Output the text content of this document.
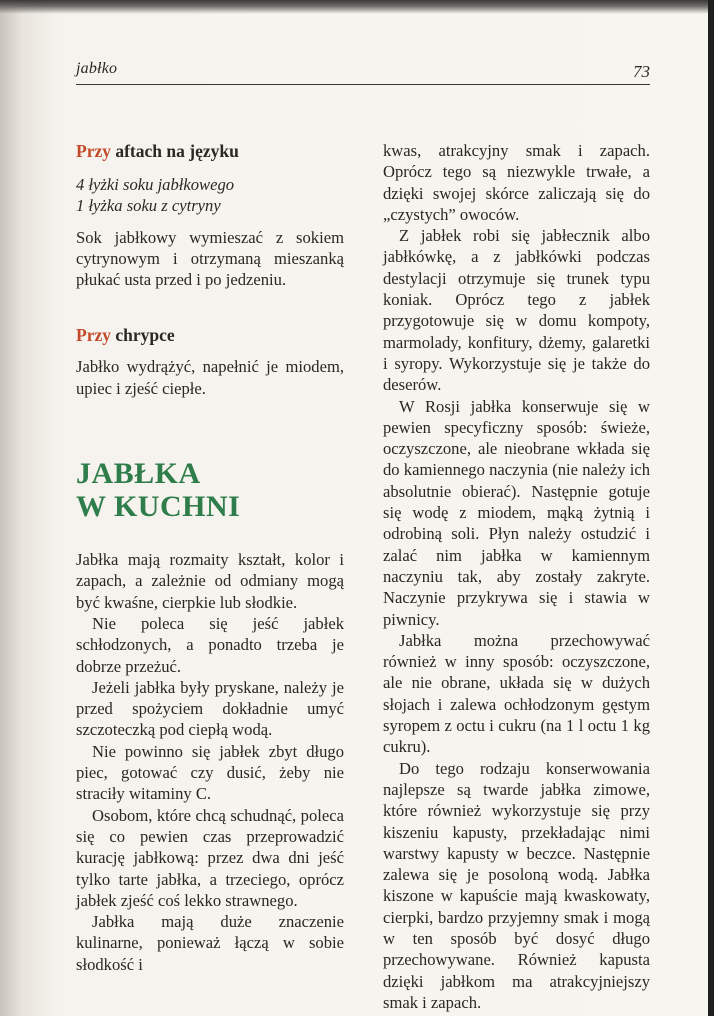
jabłko	73

Przy aftach na języku

4 łyżki soku jabłkowego

1 łyżka soku z cytryny

Sok jabłkowy wymieszać z sokiem cytrynowym i otrzymaną mieszanką płukać usta przed i po jedzeniu.

Przy chrypce

Jabłko wydrążyć, napełnić je miodem, upiec i zjeść ciepłe.

JABŁKA
W KUCHNI

Jabłka mają rozmaity kształt, kolor i zapach, a zależnie od odmiany mogą być kwaśne, cierpkie lub słodkie.

Nie poleca się jeść jabłek schłodzonych, a ponadto trzeba je dobrze przeżuć.

Jeżeli jabłka były pryskane, należy je przed spożyciem dokładnie umyć szczoteczką pod ciepłą wodą.

Nie powinno się jabłek zbyt długo piec, gotować czy dusić, żeby nie straciły witaminy C.

Osobom, które chcą schudnąć, poleca się co pewien czas przeprowadzić kurację jabłkową: przez dwa dni jeść tylko tarte jabłka, a trzeciego, oprócz jabłek zjeść coś lekko strawnego.

Jabłka mają duże znaczenie kulinarne, ponieważ łączą w sobie słodkość i

kwas, atrakcyjny smak i zapach. Oprócz tego są niezwykle trwałe, a dzięki swojej skórce zaliczają się do „czystych” owoców.

Z jabłek robi się jabłecznik albo jabłkówkę, a z jabłkówki podczas destylacji otrzymuje się trunek typu koniak. Oprócz tego z jabłek przygotowuje się w domu kompoty, marmolady, konfitury, dżemy, galaretki i syropy. Wykorzystuje się je także do deserów.

W Rosji jabłka konserwuje się w pewien specyficzny sposób: świeże, oczyszczone, ale nieobrane wkłada się do kamiennego naczynia (nie należy ich absolutnie obierać). Następnie gotuje się wodę z miodem, mąką żytnią i odrobiną soli. Płyn należy ostudzić i zalać nim jabłka w kamiennym naczyniu tak, aby zostały zakryte. Naczynie przykrywa się i stawia w piwnicy.

Jabłka można przechowywać również w inny sposób: oczyszczone, ale nie obrane, układa się w dużych słojach i zalewa ochłodzonym gęstym syropem z octu i cukru (na 1 l octu 1 kg cukru).

Do tego rodzaju konserwowania najlepsze są twarde jabłka zimowe, które również wykorzystuje się przy kiszeniu kapusty, przekładając nimi warstwy kapusty w beczce. Następnie zalewa się je posoloną wodą. Jabłka kiszone w kapuście mają kwaskowaty, cierpki, bardzo przyjemny smak i mogą w ten sposób być dosyć długo przechowywane. Również kapusta dzięki jabłkom ma atrakcyjniejszy smak i zapach.
